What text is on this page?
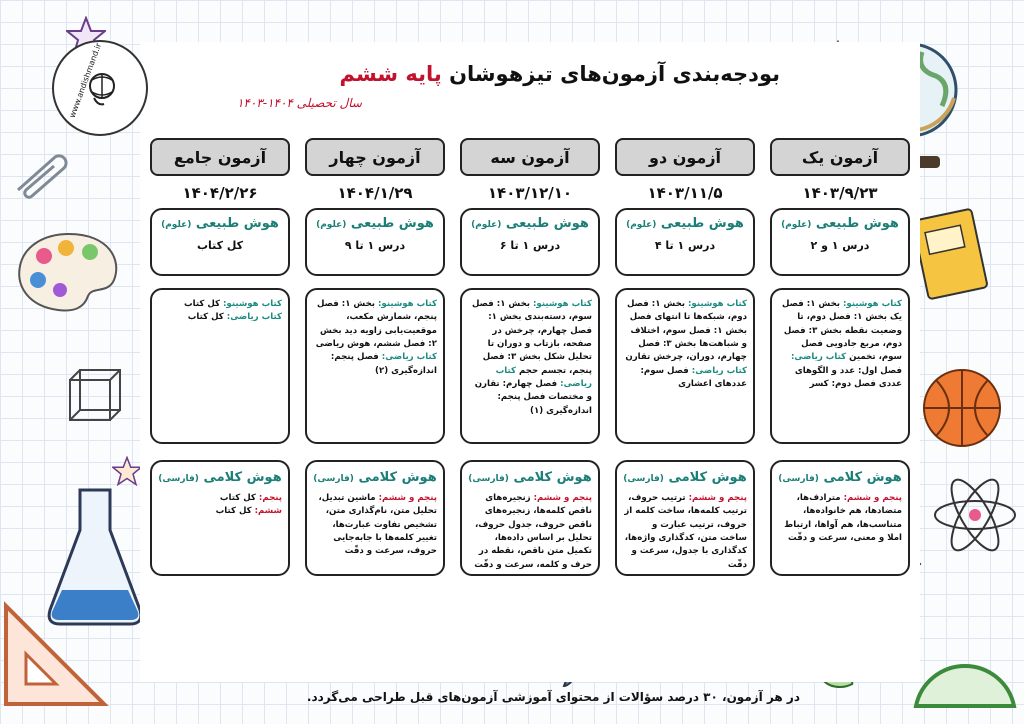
www.andishmand.ir	بودجه‌بندی آزمون‌های تیزهوشان پایه ششم
سال تحصیلی ۱۴۰۴-۱۴۰۳
آزمون یک
۱۴۰۳/۹/۲۳
هوش طبیعی (علوم)
درس ۱ و ۲
کتاب هوشینو: بخش ۱: فصل یک بخش ۱: فصل دوم، تا وضعیت نقطه بخش ۳: فصل دوم، مربع جادویی فصل سوم، تخمین کتاب ریاضی: فصل اول: عدد و الگوهای عددی فصل دوم: کسر
هوش کلامی (فارسی)
پنجم و ششم: مترادف‌ها، متضادها، هم خانواده‌ها، متناسب‌ها، هم آواها، ارتباط املا و معنی، سرعت و دقّت
آزمون دو
۱۴۰۳/۱۱/۵
هوش طبیعی (علوم)
درس ۱ تا ۴
کتاب هوشینو: بخش ۱: فصل دوم، شبکه‌ها تا انتهای فصل بخش ۱: فصل سوم، اختلاف و شباهت‌ها بخش ۳: فصل چهارم، دوران، چرخش تقارن کتاب ریاضی: فصل سوم: عددهای اعشاری
هوش کلامی (فارسی)
پنجم و ششم: ترتیب حروف، ترتیب کلمه‌ها، ساخت کلمه از حروف، ترتیب عبارت و ساخت متن، کدگذاری واژه‌ها، کدگذاری با جدول، سرعت و دقّت
آزمون سه
۱۴۰۳/۱۲/۱۰
هوش طبیعی (علوم)
درس ۱ تا ۶
کتاب هوشینو: بخش ۱: فصل سوم، دسته‌بندی بخش ۱: فصل چهارم، چرخش در صفحه، بازتاب و دوران تا تحلیل شکل بخش ۳: فصل پنجم، تجسم حجم کتاب ریاضی: فصل چهارم: تقارن و مختصات فصل پنجم: اندازه‌گیری (۱)
هوش کلامی (فارسی)
پنجم و ششم: زنجیره‌های ناقص کلمه‌ها، زنجیره‌های ناقص حروف، جدول حروف، تحلیل بر اساس داده‌ها، تکمیل متن ناقص، نقطه در حرف و کلمه، سرعت و دقّت
آزمون چهار
۱۴۰۴/۱/۲۹
هوش طبیعی (علوم)
درس ۱ تا ۹
کتاب هوشینو: بخش ۱: فصل پنجم، شمارش مکعب، موقعیت‌یابی زاویه دید بخش ۲: فصل ششم، هوش ریاضی کتاب ریاضی: فصل پنجم: اندازه‌گیری (۲)
هوش کلامی (فارسی)
پنجم و ششم: ماشین تبدیل، تحلیل متن، نام‌گذاری متن، تشخیص تفاوت عبارت‌ها، تغییر کلمه‌ها با جابه‌جایی حروف، سرعت و دقّت
آزمون جامع
۱۴۰۴/۲/۲۶
هوش طبیعی (علوم)
کل کتاب
کتاب هوشینو: کل کتاب
کتاب ریاضی: کل کتاب
هوش کلامی (فارسی)
پنجم: کل کتاب
ششم: کل کتاب
در هر آزمون، ۳۰ درصد سؤالات از محتوای آموزشی آزمون‌های قبل طراحی می‌گردد.
